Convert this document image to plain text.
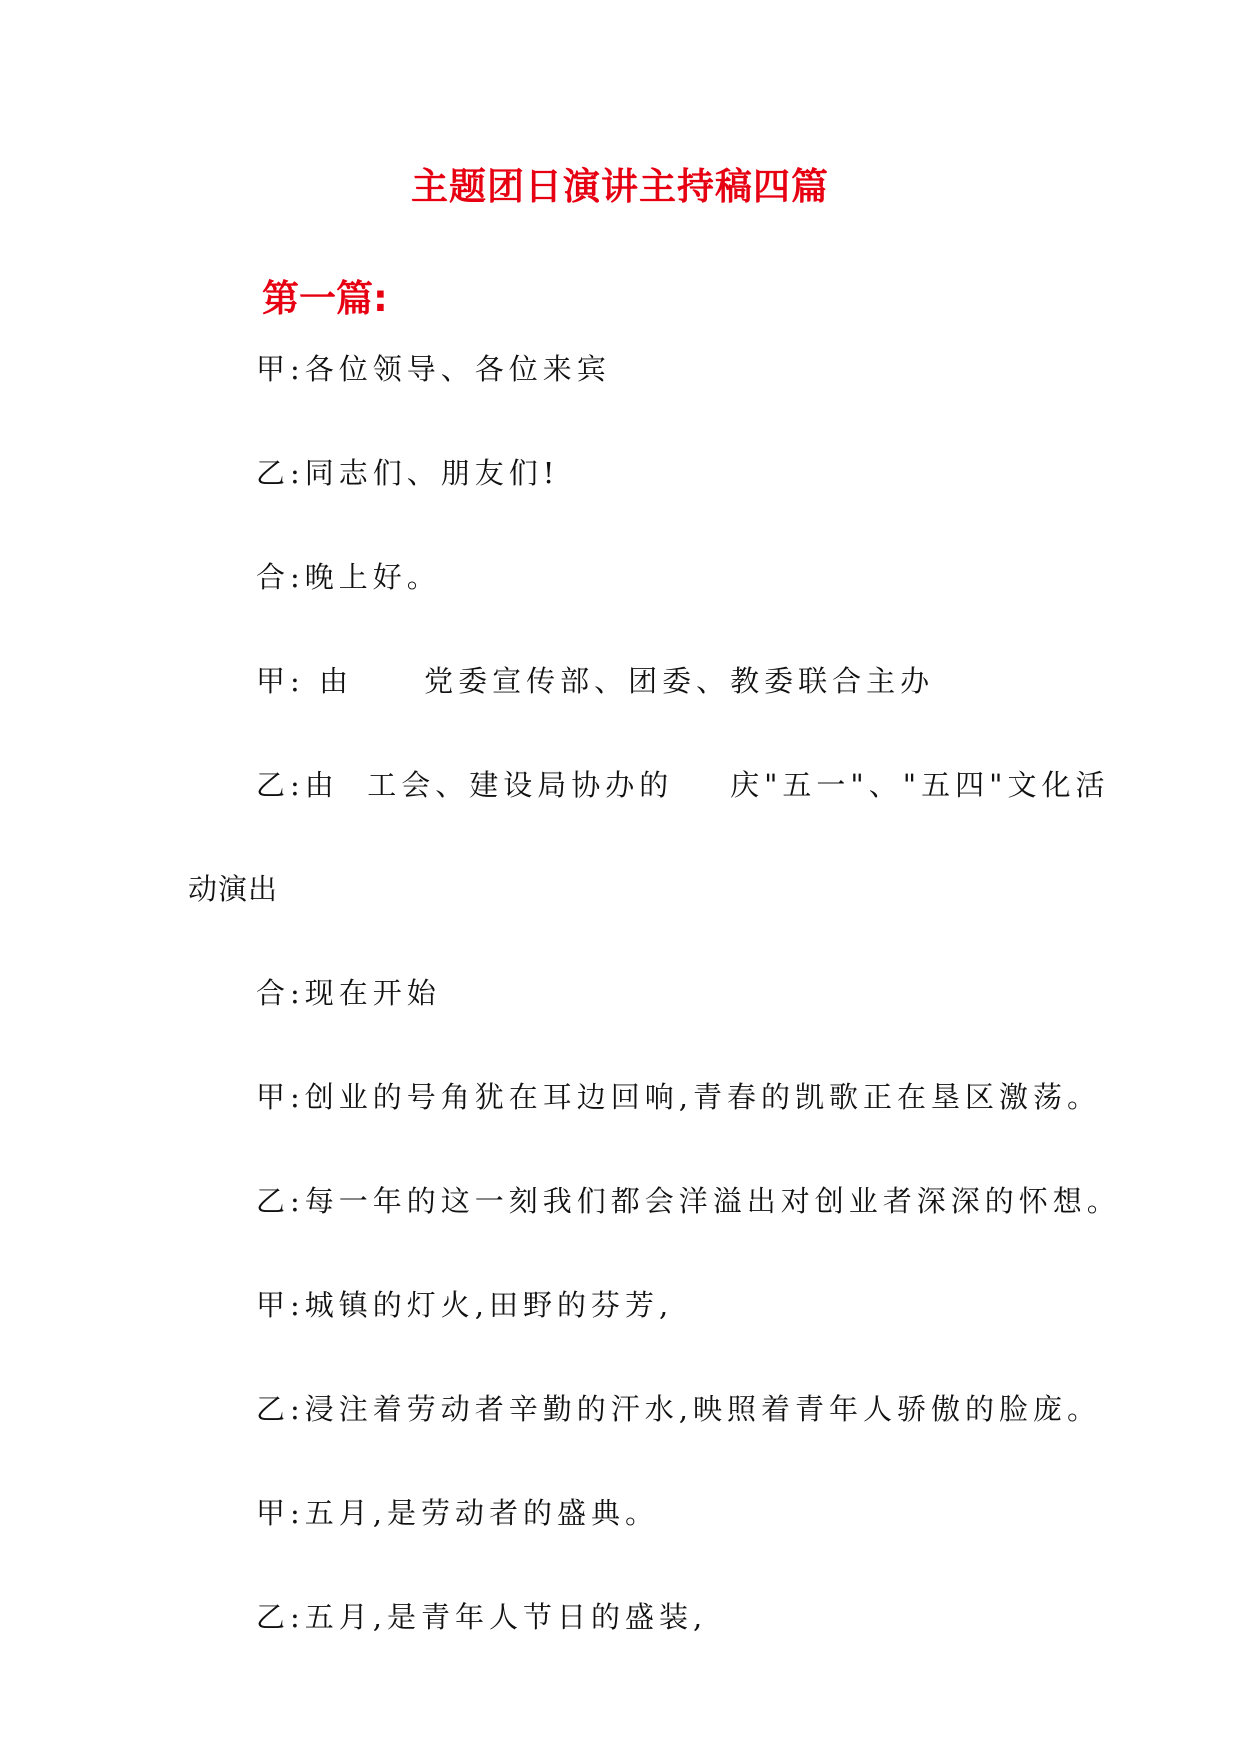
主题团日演讲主持稿四篇
第一篇:
甲:各位领导、各位来宾
乙:同志们、朋友们!
合:晚上好。
甲: 由     党委宣传部、团委、教委联合主办
乙:由  工会、建设局协办的    庆"五一"、"五四"文化活
动演出
合:现在开始
甲:创业的号角犹在耳边回响,青春的凯歌正在垦区激荡。
乙:每一年的这一刻我们都会洋溢出对创业者深深的怀想。
甲:城镇的灯火,田野的芬芳,
乙:浸注着劳动者辛勤的汗水,映照着青年人骄傲的脸庞。
甲:五月,是劳动者的盛典。
乙:五月,是青年人节日的盛装,
